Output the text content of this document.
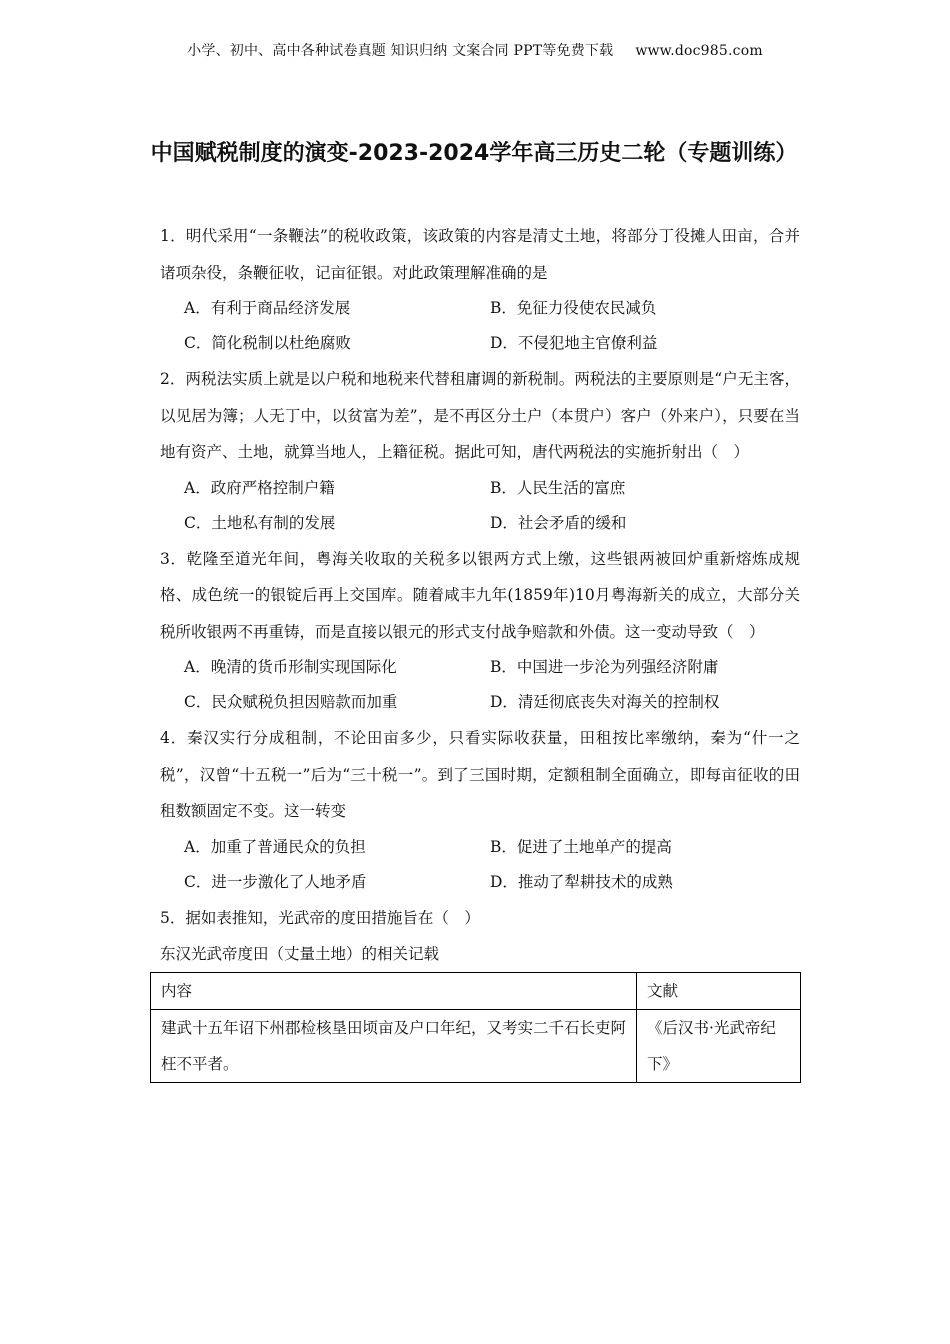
小学、初中、高中各种试卷真题 知识归纳 文案合同 PPT等免费下载 www.doc985.com
中国赋税制度的演变-2023-2024学年高三历史二轮（专题训练）

1．明代采用“一条鞭法”的税收政策，该政策的内容是清丈土地，将部分丁役摊人田亩，合并诸项杂役，条鞭征收，记亩征银。对此政策理解准确的是

A．有利于商品经济发展	B．免征力役使农民减负
C．简化税制以杜绝腐败	D．不侵犯地主官僚利益

2．两税法实质上就是以户税和地税来代替租庸调的新税制。两税法的主要原则是“户无主客，以见居为簿；人无丁中，以贫富为差”，是不再区分土户（本贯户）客户（外来户），只要在当地有资产、土地，就算当地人，上籍征税。据此可知，唐代两税法的实施折射出（　）

A．政府严格控制户籍	B．人民生活的富庶
C．土地私有制的发展	D．社会矛盾的缓和

3．乾隆至道光年间，粤海关收取的关税多以银两方式上缴，这些银两被回炉重新熔炼成规格、成色统一的银锭后再上交国库。随着咸丰九年(1859年)10月粤海新关的成立，大部分关税所收银两不再重铸，而是直接以银元的形式支付战争赔款和外债。这一变动导致（　）

A．晚清的货币形制实现国际化	B．中国进一步沦为列强经济附庸
C．民众赋税负担因赔款而加重	D．清廷彻底丧失对海关的控制权

4．秦汉实行分成租制，不论田亩多少，只看实际收获量，田租按比率缴纳，秦为“什一之税”，汉曾“十五税一”后为“三十税一”。到了三国时期，定额租制全面确立，即每亩征收的田租数额固定不变。这一转变

A．加重了普通民众的负担	B．促进了土地单产的提高
C．进一步激化了人地矛盾	D．推动了犁耕技术的成熟

5．据如表推知，光武帝的度田措施旨在（　）

东汉光武帝度田（丈量土地）的相关记载
内容	文献
建武十五年诏下州郡检核垦田顷亩及户口年纪，又考实二千石长吏阿枉不平者。	《后汉书·光武帝纪下》
